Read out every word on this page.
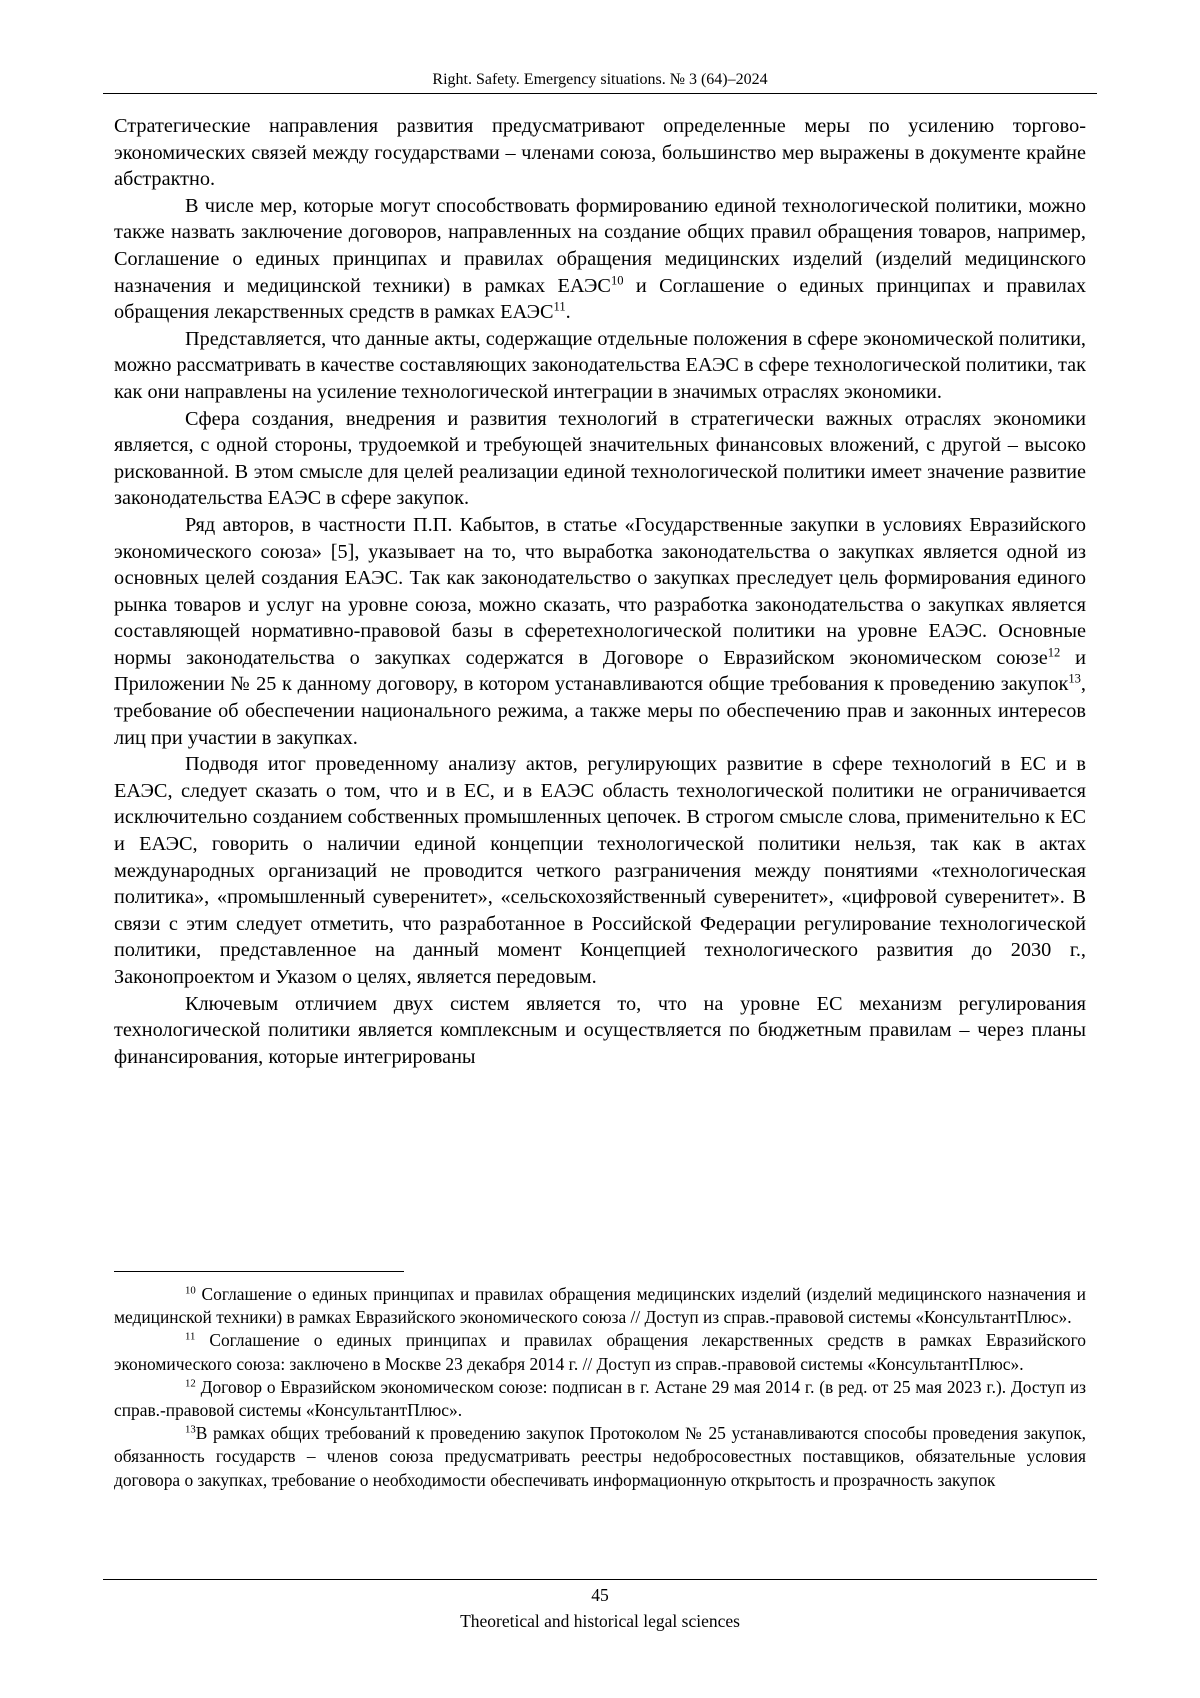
Right. Safety. Emergency situations. № 3 (64)–2024

Стратегические направления развития предусматривают определенные меры по усилению торгово-экономических связей между государствами – членами союза, большинство мер выражены в документе крайне абстрактно.

В числе мер, которые могут способствовать формированию единой технологической политики, можно также назвать заключение договоров, направленных на создание общих правил обращения товаров, например, Соглашение о единых принципах и правилах обращения медицинских изделий (изделий медицинского назначения и медицинской техники) в рамках ЕАЭС$^{10}$ и Соглашение о единых принципах и правилах обращения лекарственных средств в рамках ЕАЭС$^{11}$.

Представляется, что данные акты, содержащие отдельные положения в сфере экономической политики, можно рассматривать в качестве составляющих законодательства ЕАЭС в сфере технологической политики, так как они направлены на усиление технологической интеграции в значимых отраслях экономики.

Сфера создания, внедрения и развития технологий в стратегически важных отраслях экономики является, с одной стороны, трудоемкой и требующей значительных финансовых вложений, с другой – высоко рискованной. В этом смысле для целей реализации единой технологической политики имеет значение развитие законодательства ЕАЭС в сфере закупок.

Ряд авторов, в частности П.П. Кабытов, в статье «Государственные закупки в условиях Евразийского экономического союза» [5], указывает на то, что выработка законодательства о закупках является одной из основных целей создания ЕАЭС. Так как законодательство о закупках преследует цель формирования единого рынка товаров и услуг на уровне союза, можно сказать, что разработка законодательства о закупках является составляющей нормативно-правовой базы в сферетехнологической политики на уровне ЕАЭС. Основные нормы законодательства о закупках содержатся в Договоре о Евразийском экономическом союзе$^{12}$ и Приложении № 25 к данному договору, в котором устанавливаются общие требования к проведению закупок$^{13}$, требование об обеспечении национального режима, а также меры по обеспечению прав и законных интересов лиц при участии в закупках.

Подводя итог проведенному анализу актов, регулирующих развитие в сфере технологий в ЕС и в ЕАЭС, следует сказать о том, что и в ЕС, и в ЕАЭС область технологической политики не ограничивается исключительно созданием собственных промышленных цепочек. В строгом смысле слова, применительно к ЕС и ЕАЭС, говорить о наличии единой концепции технологической политики нельзя, так как в актах международных организаций не проводится четкого разграничения между понятиями «технологическая политика», «промышленный суверенитет», «сельскохозяйственный суверенитет», «цифровой суверенитет». В связи с этим следует отметить, что разработанное в Российской Федерации регулирование технологической политики, представленное на данный момент Концепцией технологического развития до 2030 г., Законопроектом и Указом о целях, является передовым.

Ключевым отличием двух систем является то, что на уровне ЕС механизм регулирования технологической политики является комплексным и осуществляется по бюджетным правилам – через планы финансирования, которые интегрированы

$^{10}$ Соглашение о единых принципах и правилах обращения медицинских изделий (изделий медицинского назначения и медицинской техники) в рамках Евразийского экономического союза // Доступ из справ.-правовой системы «КонсультантПлюс».

$^{11}$ Соглашение о единых принципах и правилах обращения лекарственных средств в рамках Евразийского экономического союза: заключено в Москве 23 декабря 2014 г. // Доступ из справ.-правовой системы «КонсультантПлюс».

$^{12}$ Договор о Евразийском экономическом союзе: подписан в г. Астане 29 мая 2014 г. (в ред. от 25 мая 2023 г.). Доступ из справ.-правовой системы «КонсультантПлюс».

$^{13}$В рамках общих требований к проведению закупок Протоколом № 25 устанавливаются способы проведения закупок, обязанность государств – членов союза предусматривать реестры недобросовестных поставщиков, обязательные условия договора о закупках, требование о необходимости обеспечивать информационную открытость и прозрачность закупок

45
Theoretical and historical legal sciences
